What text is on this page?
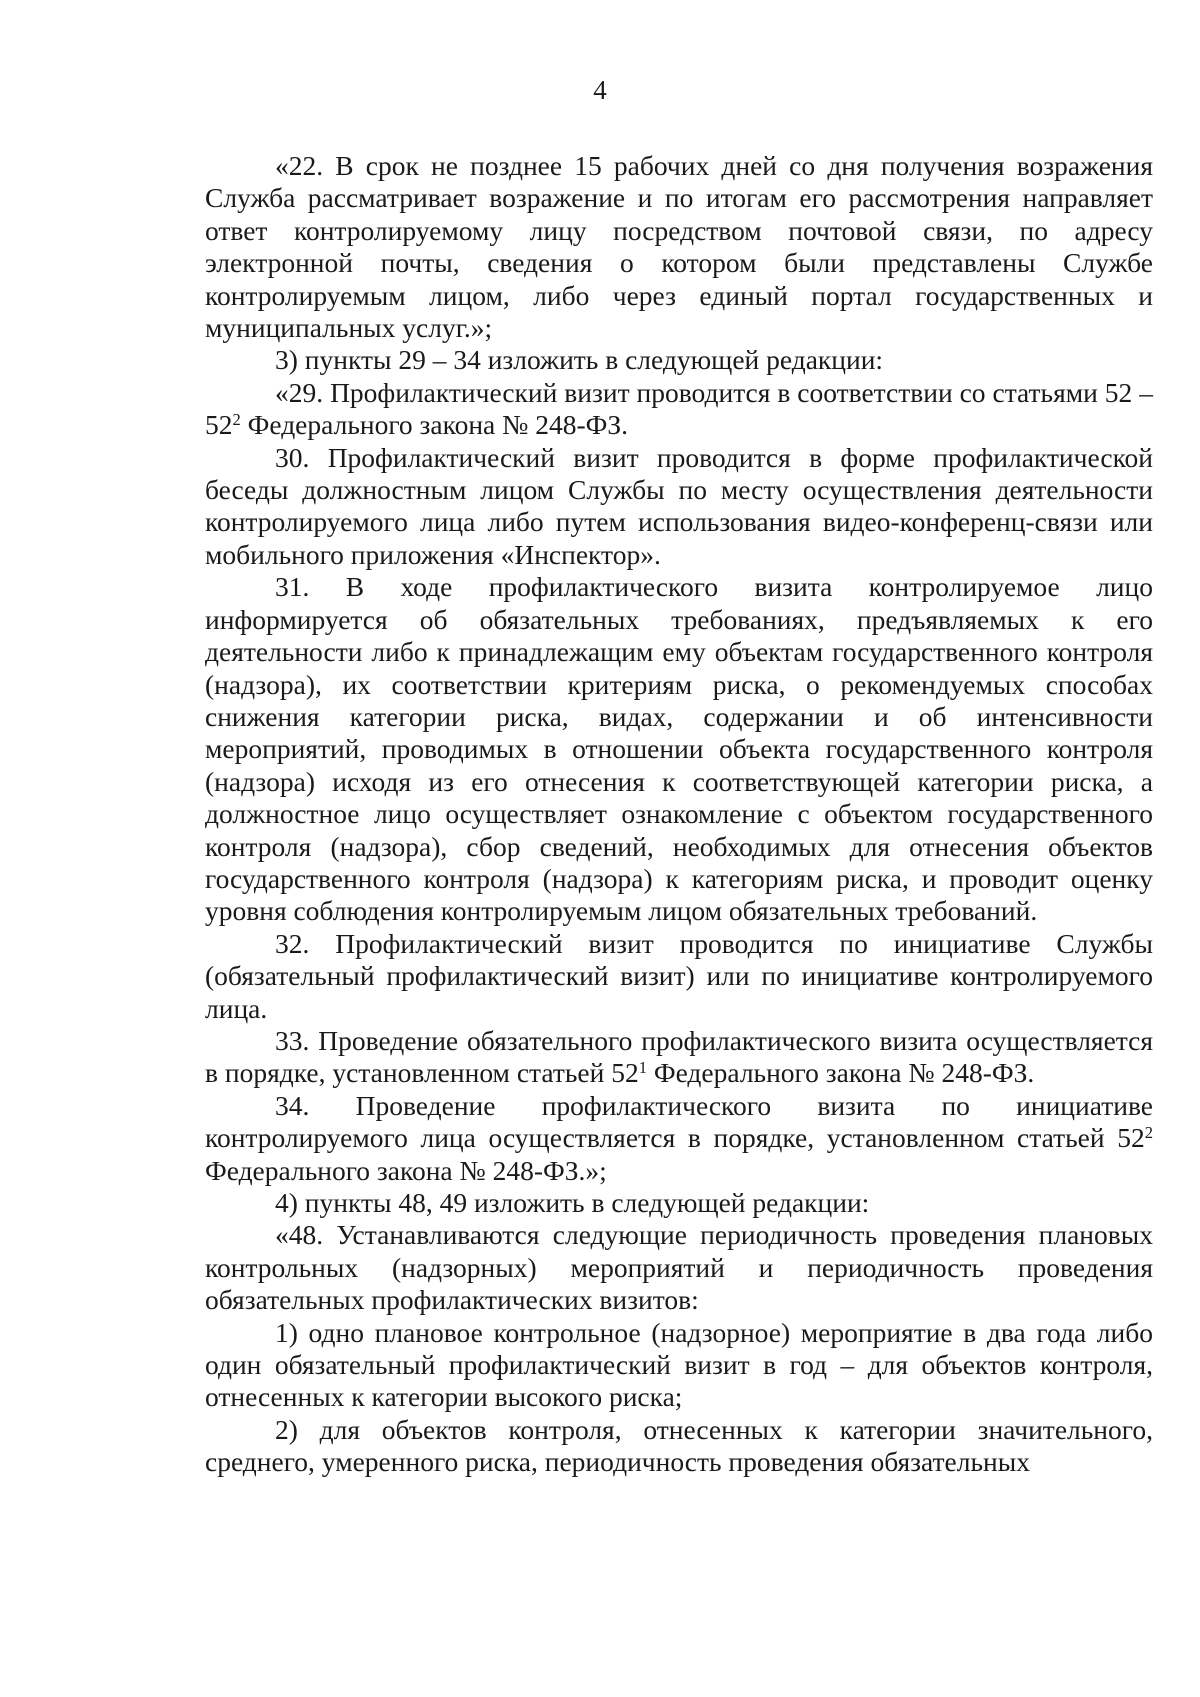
4

«22. В срок не позднее 15 рабочих дней со дня получения возражения Служба рассматривает возражение и по итогам его рассмотрения направляет ответ контролируемому лицу посредством почтовой связи, по адресу электронной почты, сведения о котором были представлены Службе контролируемым лицом, либо через единый портал государственных и муниципальных услуг.»;

3) пункты 29 – 34 изложить в следующей редакции:

«29. Профилактический визит проводится в соответствии со статьями $52 - 52^2$ Федерального закона № 248-ФЗ.

30. Профилактический визит проводится в форме профилактической беседы должностным лицом Службы по месту осуществления деятельности контролируемого лица либо путем использования видео-конференц-связи или мобильного приложения «Инспектор».

31. В ходе профилактического визита контролируемое лицо информируется об обязательных требованиях, предъявляемых к его деятельности либо к принадлежащим ему объектам государственного контроля (надзора), их соответствии критериям риска, о рекомендуемых способах снижения категории риска, видах, содержании и об интенсивности мероприятий, проводимых в отношении объекта государственного контроля (надзора) исходя из его отнесения к соответствующей категории риска, а должностное лицо осуществляет ознакомление с объектом государственного контроля (надзора), сбор сведений, необходимых для отнесения объектов государственного контроля (надзора) к категориям риска, и проводит оценку уровня соблюдения контролируемым лицом обязательных требований.

32. Профилактический визит проводится по инициативе Службы (обязательный профилактический визит) или по инициативе контролируемого лица.

33. Проведение обязательного профилактического визита осуществляется в порядке, установленном статьей $52^1$ Федерального закона № 248-ФЗ.

34. Проведение профилактического визита по инициативе контролируемого лица осуществляется в порядке, установленном статьей $52^2$ Федерального закона № 248-ФЗ.»;

4) пункты 48, 49 изложить в следующей редакции:

«48. Устанавливаются следующие периодичность проведения плановых контрольных (надзорных) мероприятий и периодичность проведения обязательных профилактических визитов:

1) одно плановое контрольное (надзорное) мероприятие в два года либо один обязательный профилактический визит в год – для объектов контроля, отнесенных к категории высокого риска;

2) для объектов контроля, отнесенных к категории значительного, среднего, умеренного риска, периодичность проведения обязательных
